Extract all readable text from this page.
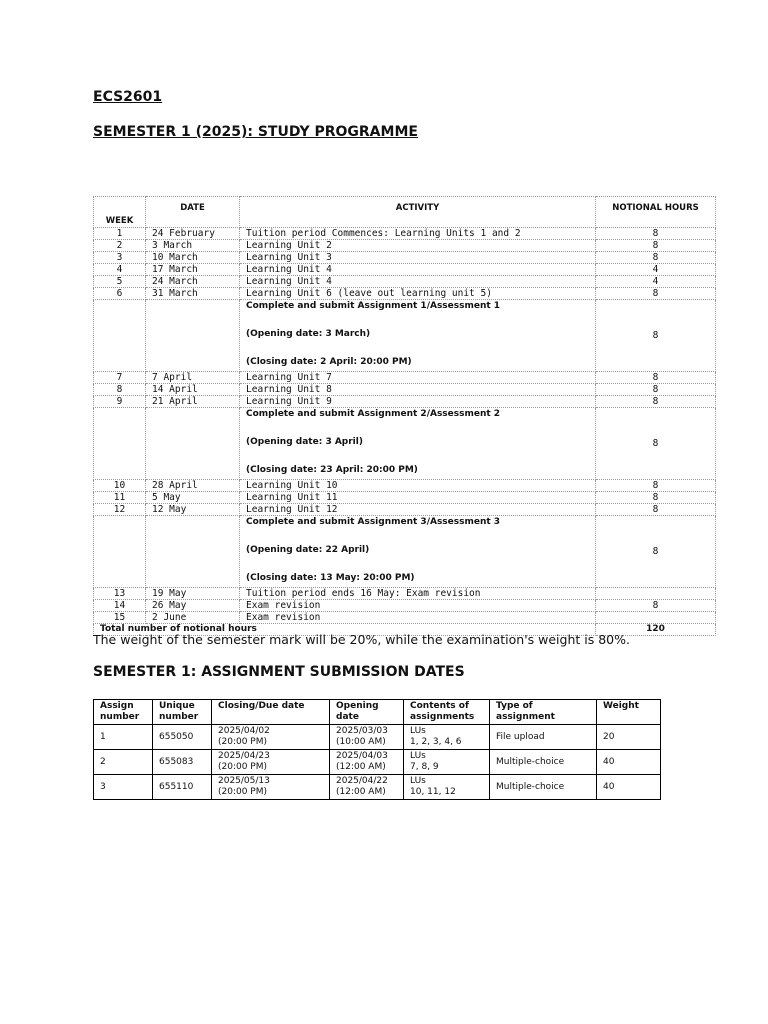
ECS2601
SEMESTER 1 (2025): STUDY PROGRAMME
WEEK	DATE	ACTIVITY	NOTIONAL HOURS
1	24 February	Tuition period Commences: Learning Units 1 and 2	8
2	3 March	Learning Unit 2	8
3	10 March	Learning Unit 3	8
4	17 March	Learning Unit 4	4
5	24 March	Learning Unit 4	4
6	31 March	Learning Unit 6 (leave out learning unit 5)	8

		Complete and submit Assignment 1/Assessment 1
(Opening date: 3 March)
(Closing date: 2 April: 20:00 PM)	8
7	7 April	Learning Unit 7	8
8	14 April	Learning Unit 8	8
9	21 April	Learning Unit 9	8

		Complete and submit Assignment 2/Assessment 2
(Opening date: 3 April)
(Closing date: 23 April: 20:00 PM)	8
10	28 April	Learning Unit 10	8
11	5 May	Learning Unit 11	8
12	12 May	Learning Unit 12	8

		Complete and submit Assignment 3/Assessment 3
(Opening date: 22 April)
(Closing date: 13 May: 20:00 PM)	8
13	19 May	Tuition period ends 16 May: Exam revision	
14	26 May	Exam revision	8
15	2 June	Exam revision	
Total number of notional hours			120

The weight of the semester mark will be 20%, while the examination's weight is 80%.

SEMESTER 1: ASSIGNMENT SUBMISSION DATES
Assign
number	Unique
number	Closing/Due date	Opening
date	Contents of
assignments	Type of
assignment	Weight
1	655050	2025/04/02
(20:00 PM)	2025/03/03
(10:00 AM)	LUs
1, 2, 3, 4, 6	File upload	20
2	655083	2025/04/23
(20:00 PM)	2025/04/03
(12:00 AM)	LUs
7, 8, 9	Multiple-choice	40
3	655110	2025/05/13
(20:00 PM)	2025/04/22
(12:00 AM)	LUs
10, 11, 12	Multiple-choice	40
